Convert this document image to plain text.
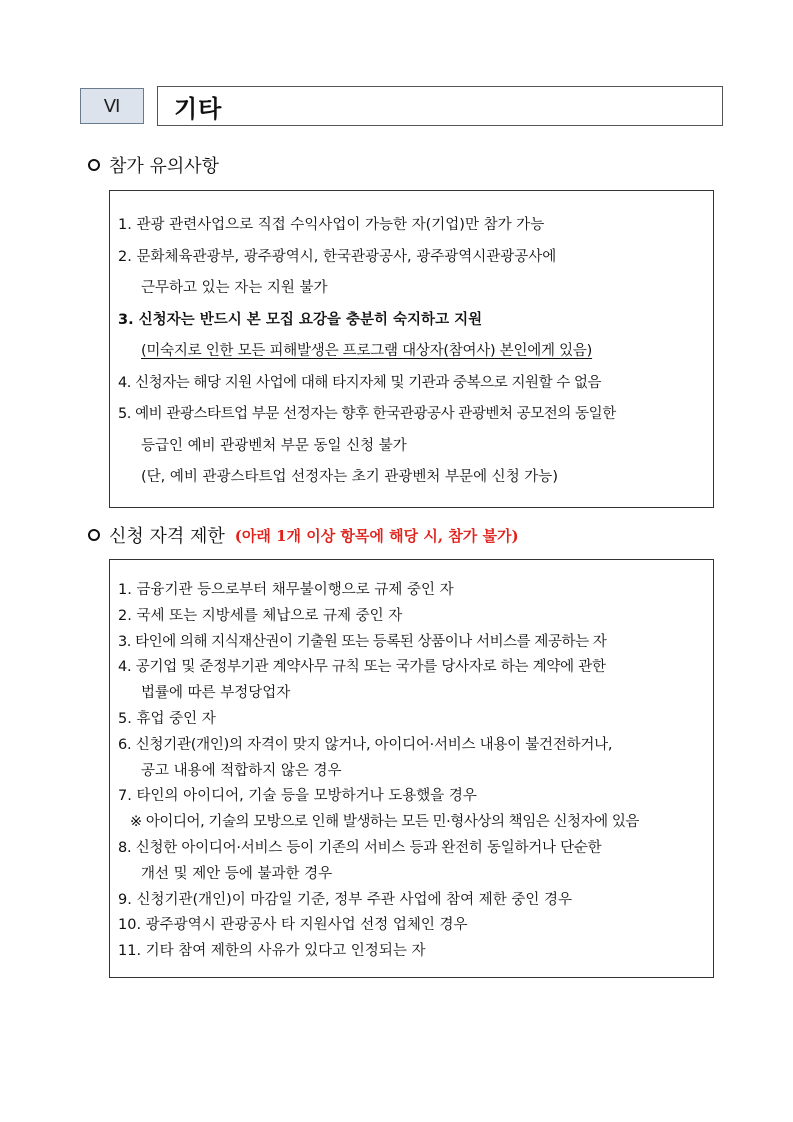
Ⅵ 기타
참가 유의사항
1. 관광 관련사업으로 직접 수익사업이 가능한 자(기업)만 참가 가능
2. 문화체육관광부, 광주광역시, 한국관광공사, 광주광역시관광공사에
근무하고 있는 자는 지원 불가
3. 신청자는 반드시 본 모집 요강을 충분히 숙지하고 지원
(미숙지로 인한 모든 피해발생은 프로그램 대상자(참여사) 본인에게 있음)
4. 신청자는 해당 지원 사업에 대해 타지자체 및 기관과 중복으로 지원할 수 없음
5. 예비 관광스타트업 부문 선정자는 향후 한국관광공사 관광벤처 공모전의 동일한
등급인 예비 관광벤처 부문 동일 신청 불가
(단, 예비 관광스타트업 선정자는 초기 관광벤처 부문에 신청 가능)
신청 자격 제한 (아래 1개 이상 항목에 해당 시, 참가 불가)
1. 금융기관 등으로부터 채무불이행으로 규제 중인 자
2. 국세 또는 지방세를 체납으로 규제 중인 자
3. 타인에 의해 지식재산권이 기출원 또는 등록된 상품이나 서비스를 제공하는 자
4. 공기업 및 준정부기관 계약사무 규칙 또는 국가를 당사자로 하는 계약에 관한
법률에 따른 부정당업자
5. 휴업 중인 자
6. 신청기관(개인)의 자격이 맞지 않거나, 아이디어·서비스 내용이 불건전하거나,
공고 내용에 적합하지 않은 경우
7. 타인의 아이디어, 기술 등을 모방하거나 도용했을 경우
※ 아이디어, 기술의 모방으로 인해 발생하는 모든 민·형사상의 책임은 신청자에 있음
8. 신청한 아이디어·서비스 등이 기존의 서비스 등과 완전히 동일하거나 단순한
개선 및 제안 등에 불과한 경우
9. 신청기관(개인)이 마감일 기준, 정부 주관 사업에 참여 제한 중인 경우
10. 광주광역시 관광공사 타 지원사업 선정 업체인 경우
11. 기타 참여 제한의 사유가 있다고 인정되는 자
